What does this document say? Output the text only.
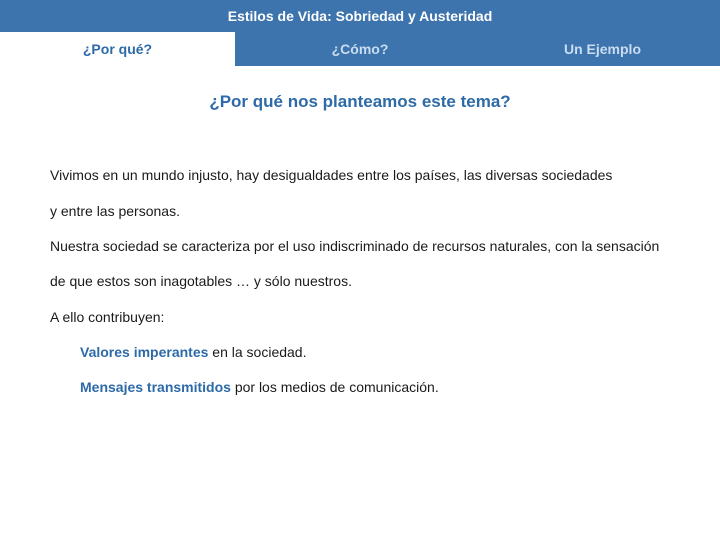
Estilos de Vida: Sobriedad y Austeridad
¿Por qué?	¿Cómo?	Un Ejemplo
¿Por qué nos planteamos este tema?
Vivimos en un mundo injusto, hay desigualdades entre los países, las diversas sociedades
y entre las personas.
Nuestra sociedad se caracteriza por el uso indiscriminado de recursos naturales, con la sensación
de que estos son inagotables … y sólo nuestros.
A ello contribuyen:
Valores imperantes en la sociedad.
Mensajes transmitidos por los medios de comunicación.
